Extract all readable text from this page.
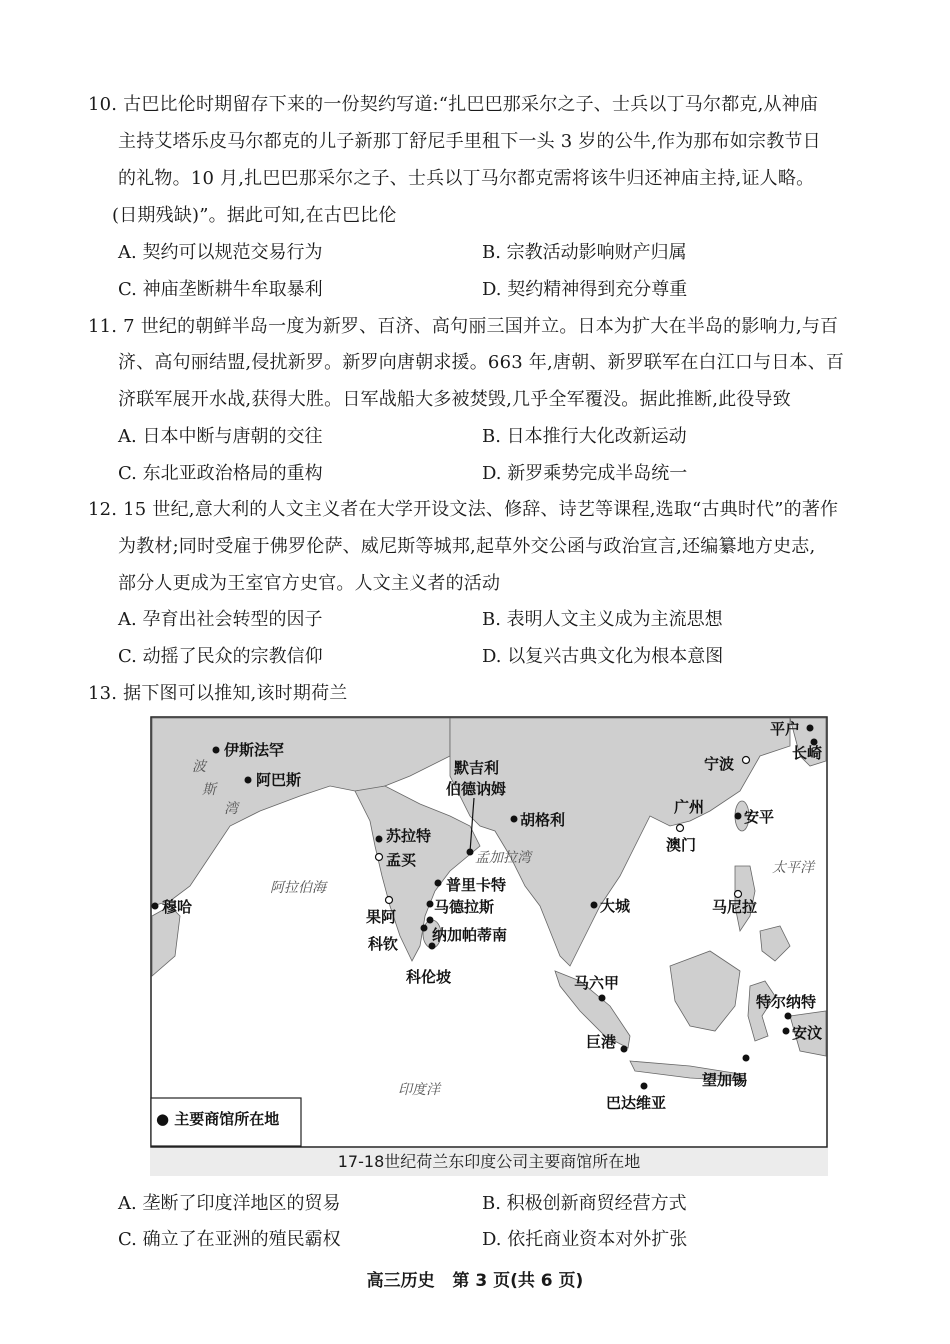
10. 古巴比伦时期留存下来的一份契约写道:“扎巴巴那采尔之子、士兵以丁马尔都克,从神庙
主持艾塔乐皮马尔都克的儿子新那丁舒尼手里租下一头 3 岁的公牛,作为那布如宗教节日
的礼物。10 月,扎巴巴那采尔之子、士兵以丁马尔都克需将该牛归还神庙主持,证人略。
(日期残缺)”。据此可知,在古巴比伦
A. 契约可以规范交易行为	B. 宗教活动影响财产归属
C. 神庙垄断耕牛牟取暴利	D. 契约精神得到充分尊重
11. 7 世纪的朝鲜半岛一度为新罗、百济、高句丽三国并立。日本为扩大在半岛的影响力,与百
济、高句丽结盟,侵扰新罗。新罗向唐朝求援。663 年,唐朝、新罗联军在白江口与日本、百
济联军展开水战,获得大胜。日军战船大多被焚毁,几乎全军覆没。据此推断,此役导致
A. 日本中断与唐朝的交往	B. 日本推行大化改新运动
C. 东北亚政治格局的重构	D. 新罗乘势完成半岛统一
12. 15 世纪,意大利的人文主义者在大学开设文法、修辞、诗艺等课程,选取“古典时代”的著作
为教材;同时受雇于佛罗伦萨、威尼斯等城邦,起草外交公函与政治宣言,还编纂地方史志,
部分人更成为王室官方史官。人文主义者的活动
A. 孕育出社会转型的因子	B. 表明人文主义成为主流思想
C. 动摇了民众的宗教信仰	D. 以复兴古典文化为根本意图
13. 据下图可以推知,该时期荷兰
波
斯
湾
阿拉伯海
孟加拉湾
印度洋
太平洋
伊斯法罕
阿巴斯
穆哈
苏拉特
孟买
果阿
科钦
科伦坡
纳加帕蒂南
马德拉斯
普里卡特
默吉利
伯德讷姆
胡格利
大城
马六甲
巨港
巴达维亚
望加锡
特尔纳特
安汶
马尼拉
澳门
广州
安平
宁波
平户
长崎
● 主要商馆所在地
17-18世纪荷兰东印度公司主要商馆所在地
A. 垄断了印度洋地区的贸易	B. 积极创新商贸经营方式
C. 确立了在亚洲的殖民霸权	D. 依托商业资本对外扩张
高三历史   第 3 页(共 6 页)
